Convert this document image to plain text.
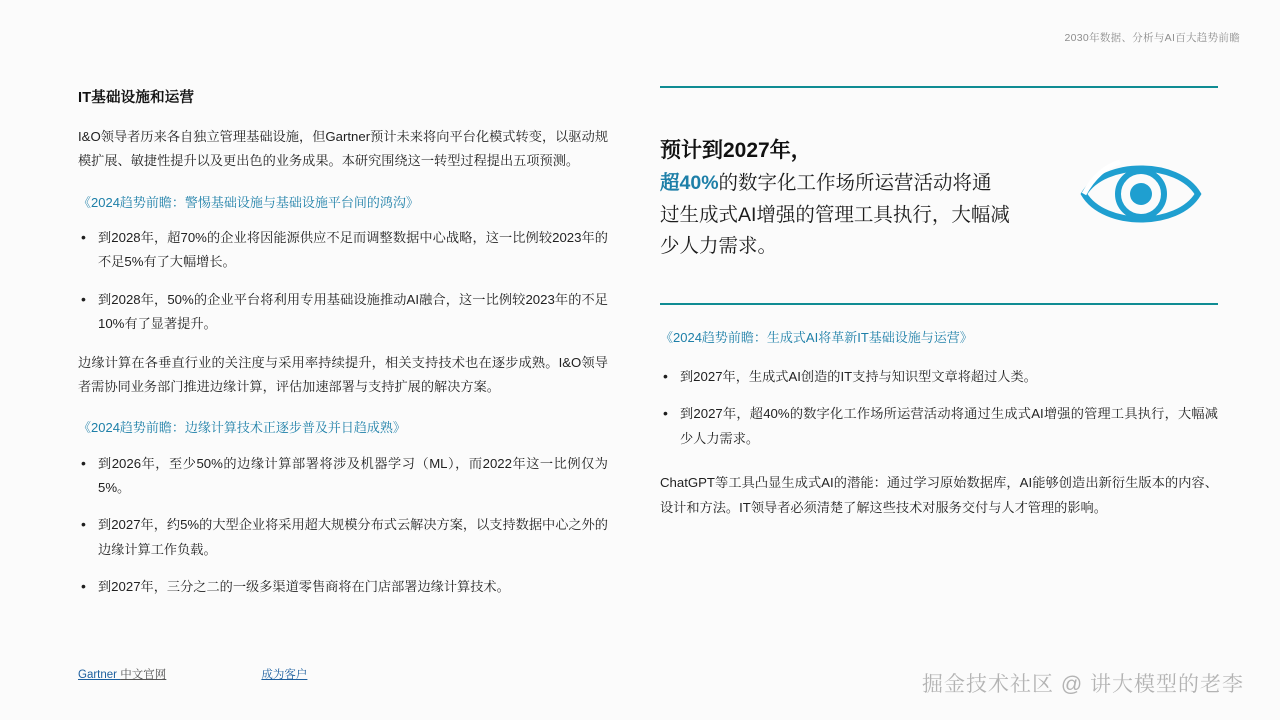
2030年数据、分析与AI百大趋势前瞻
IT基础设施和运营

I&O领导者历来各自独立管理基础设施，但Gartner预计未来将向平台化模式转变，以驱动规模扩展、敏捷性提升以及更出色的业务成果。本研究围绕这一转型过程提出五项预测。

《2024趋势前瞻：警惕基础设施与基础设施平台间的鸿沟》
• 到2028年，超70%的企业将因能源供应不足而调整数据中心战略，这一比例较2023年的不足5%有了大幅增长。
• 到2028年，50%的企业平台将利用专用基础设施推动AI融合，这一比例较2023年的不足10%有了显著提升。

边缘计算在各垂直行业的关注度与采用率持续提升，相关支持技术也在逐步成熟。I&O领导者需协同业务部门推进边缘计算，评估加速部署与支持扩展的解决方案。

《2024趋势前瞻：边缘计算技术正逐步普及并日趋成熟》
• 到2026年，至少50%的边缘计算部署将涉及机器学习（ML），而2022年这一比例仅为5%。
• 到2027年，约5%的大型企业将采用超大规模分布式云解决方案，以支持数据中心之外的边缘计算工作负载。
• 到2027年，三分之二的一级多渠道零售商将在门店部署边缘计算技术。
预计到2027年，
超40%的数字化工作场所运营活动将通
过生成式AI增强的管理工具执行，大幅减
少人力需求。
《2024趋势前瞻：生成式AI将革新IT基础设施与运营》
• 到2027年，生成式AI创造的IT支持与知识型文章将超过人类。
• 到2027年，超40%的数字化工作场所运营活动将通过生成式AI增强的管理工具执行，大幅减少人力需求。

ChatGPT等工具凸显生成式AI的潜能：通过学习原始数据库，AI能够创造出新衍生版本的内容、设计和方法。IT领导者必须清楚了解这些技术对服务交付与人才管理的影响。

Gartner 中文官网	成为客户	掘金技术社区 @ 讲大模型的老李
